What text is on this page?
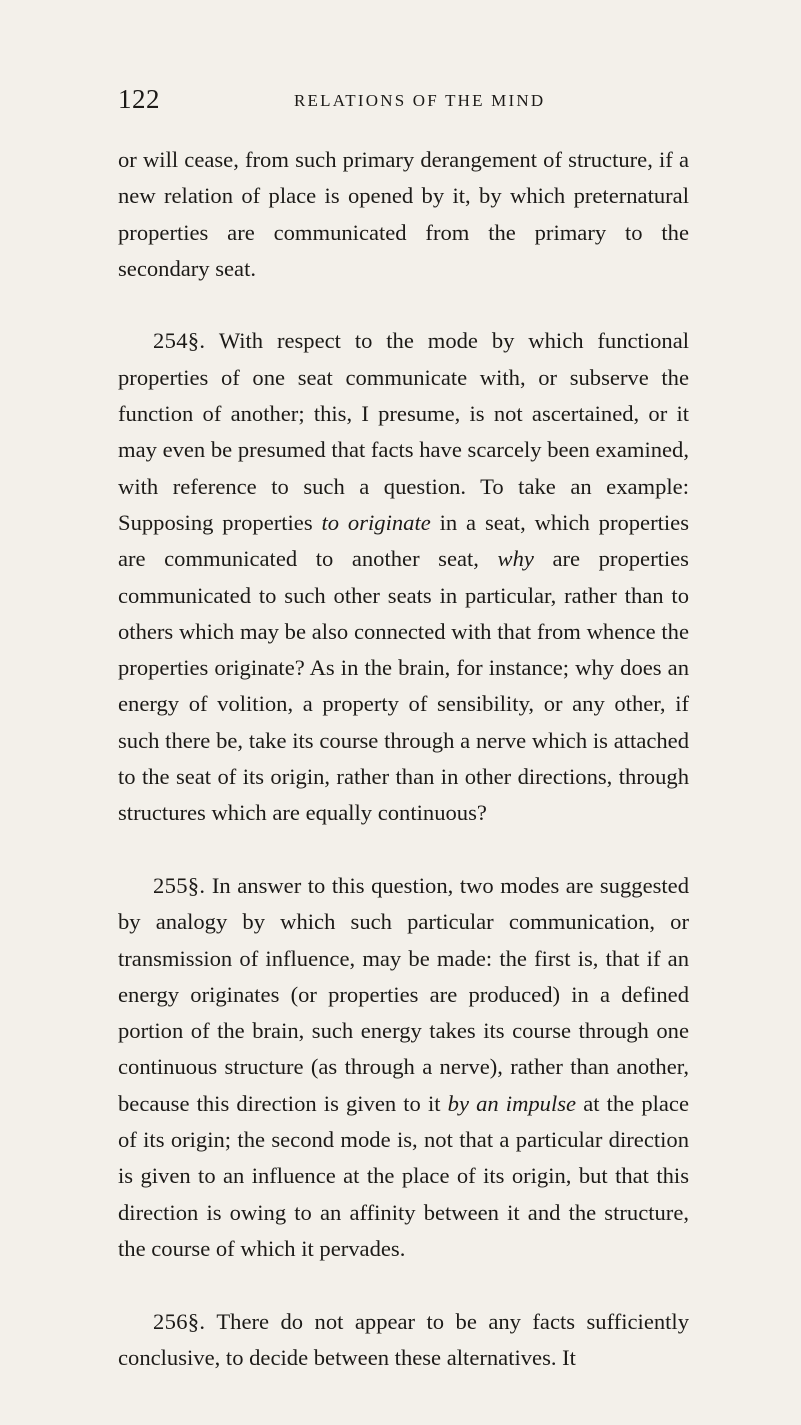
122	RELATIONS OF THE MIND

or will cease, from such primary derangement of structure, if a new relation of place is opened by it, by which preternatural properties are communicated from the primary to the secondary seat.

254§. With respect to the mode by which functional properties of one seat communicate with, or subserve the function of another; this, I presume, is not ascertained, or it may even be presumed that facts have scarcely been examined, with reference to such a question. To take an example: Supposing properties to originate in a seat, which properties are communicated to another seat, why are properties communicated to such other seats in particular, rather than to others which may be also connected with that from whence the properties originate? As in the brain, for instance; why does an energy of volition, a property of sensibility, or any other, if such there be, take its course through a nerve which is attached to the seat of its origin, rather than in other directions, through structures which are equally continuous?

255§. In answer to this question, two modes are suggested by analogy by which such particular communication, or transmission of influence, may be made: the first is, that if an energy originates (or properties are produced) in a defined portion of the brain, such energy takes its course through one continuous structure (as through a nerve), rather than another, because this direction is given to it by an impulse at the place of its origin; the second mode is, not that a particular direction is given to an influence at the place of its origin, but that this direction is owing to an affinity between it and the structure, the course of which it pervades.

256§. There do not appear to be any facts sufficiently conclusive, to decide between these alternatives. It
